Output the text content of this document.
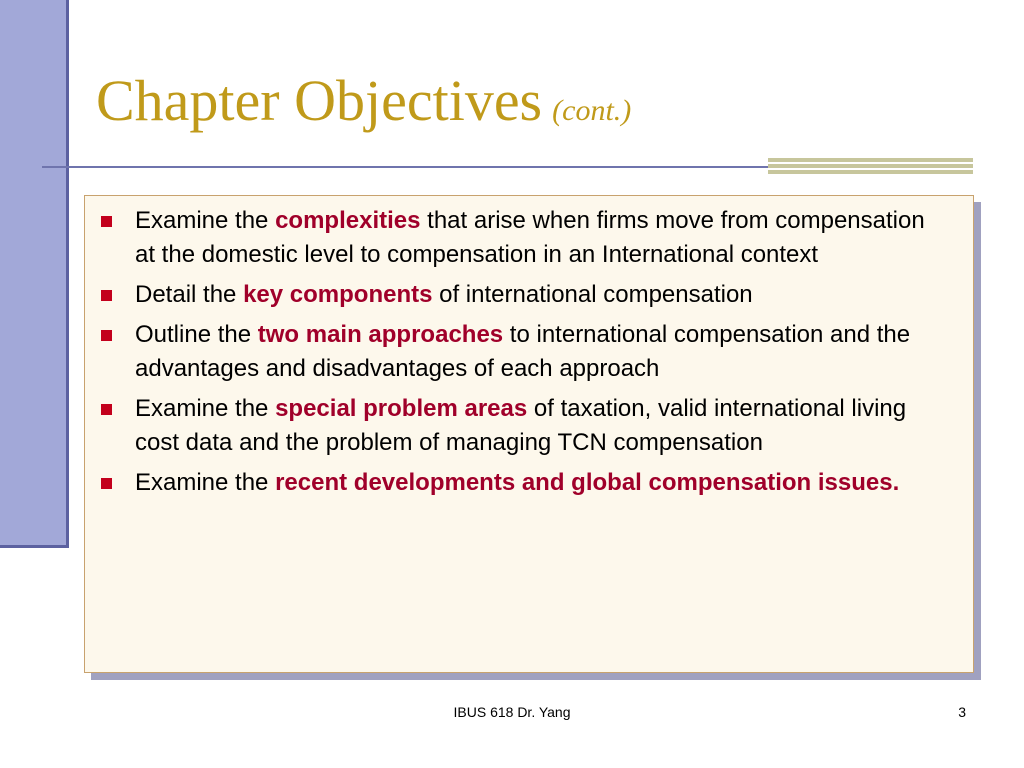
Chapter Objectives (cont.)
Examine the complexities that arise when firms move from compensation at the domestic level to compensation in an International context
Detail the key components of international compensation
Outline the two main approaches to international compensation and the advantages and disadvantages of each approach
Examine the special problem areas of taxation, valid international living cost data and the problem of managing TCN compensation
Examine the recent developments and global compensation issues.
IBUS 618 Dr. Yang	3
